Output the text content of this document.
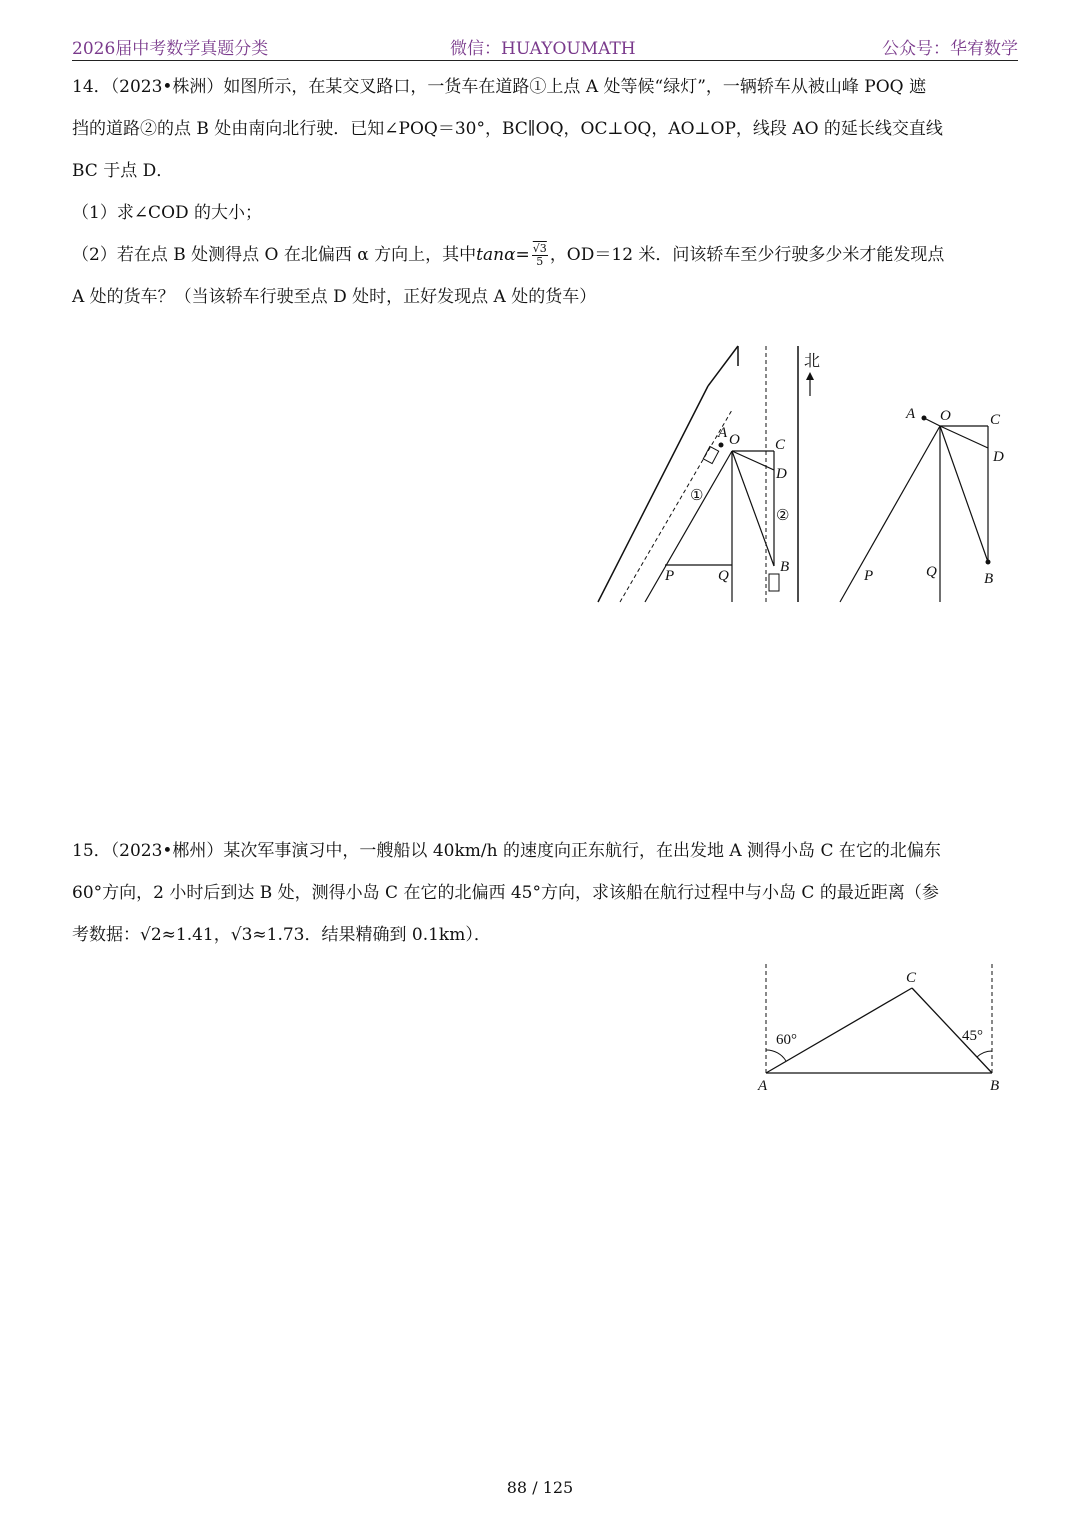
2026届中考数学真题分类	微信：HUAYOUMATH	公众号：华宥数学

14．（2023•株洲）如图所示，在某交叉路口，一货车在道路①上点 A 处等候“绿灯”，一辆轿车从被山峰 POQ 遮

挡的道路②的点 B 处由南向北行驶．已知∠POQ＝30°，BC∥OQ，OC⊥OQ，AO⊥OP，线段 AO 的延长线交直线

BC 于点 D．

（1）求∠COD 的大小；

（2）若在点 B 处测得点 O 在北偏西 α 方向上，其中$\tan\alpha= \frac{√3}{5}$ ，OD＝12 米．问该轿车至少行驶多少米才能发现点

A 处的货车？（当该轿车行驶至点 D 处时，正好发现点 A 处的货车）

北
A O C
D
B
P	Q
①
②
A O	C
D
B
P	Q

15．（2023•郴州）某次军事演习中，一艘船以 40km/h 的速度向正东航行，在出发地 A 测得小岛 C 在它的北偏东

60°方向，2 小时后到达 B 处，测得小岛 C 在它的北偏西 45°方向，求该船在航行过程中与小岛 C 的最近距离（参

考数据：√2≈1.41，√3≈1.73．结果精确到 0.1km）．

60°	45°
A	B
C
88 / 125
